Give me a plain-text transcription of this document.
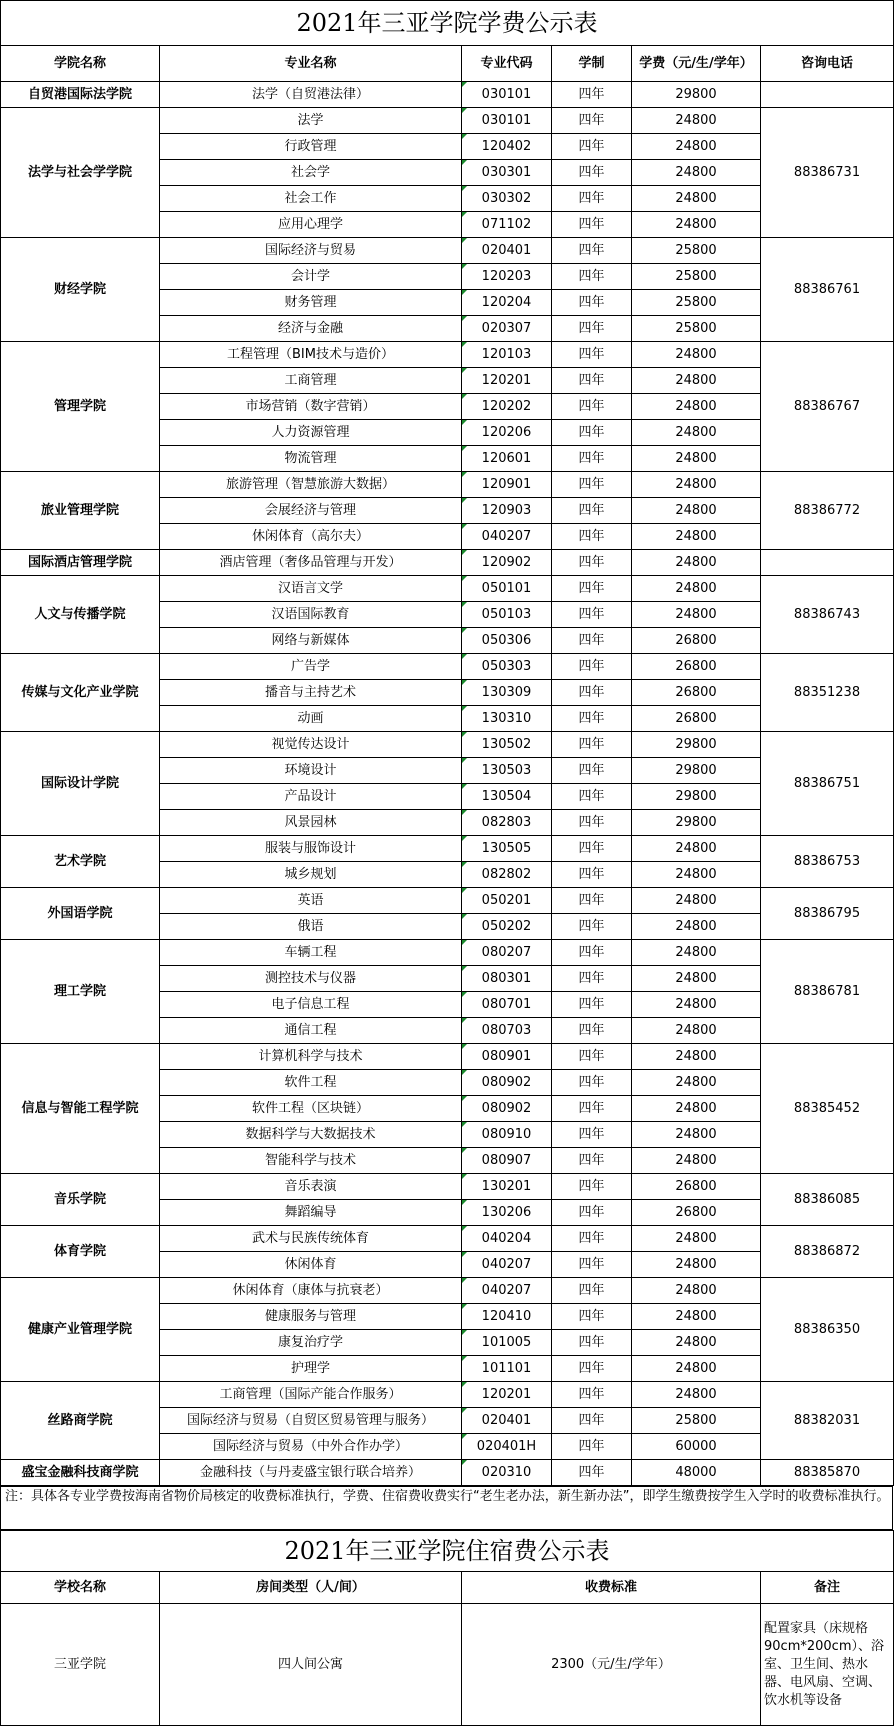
2021年三亚学院学费公示表					
学院名称	专业名称	专业代码	学制	学费（元/生/学年）	咨询电话
自贸港国际法学院	法学（自贸港法律）	030101	四年	29800	
法学与社会学学院	法学	030101	四年	24800	88386731
	行政管理	120402	四年	24800	
	社会学	030301	四年	24800	
	社会工作	030302	四年	24800	
	应用心理学	071102	四年	24800	
财经学院	国际经济与贸易	020401	四年	25800	88386761
	会计学	120203	四年	25800	
	财务管理	120204	四年	25800	
	经济与金融	020307	四年	25800	
管理学院	工程管理（BIM技术与造价）	120103	四年	24800	88386767
	工商管理	120201	四年	24800	
	市场营销（数字营销）	120202	四年	24800	
	人力资源管理	120206	四年	24800	
	物流管理	120601	四年	24800	
旅业管理学院	旅游管理（智慧旅游大数据）	120901	四年	24800	88386772
	会展经济与管理	120903	四年	24800	
	休闲体育（高尔夫）	040207	四年	24800	
国际酒店管理学院	酒店管理（奢侈品管理与开发）	120902	四年	24800	
人文与传播学院	汉语言文学	050101	四年	24800	88386743
	汉语国际教育	050103	四年	24800	
	网络与新媒体	050306	四年	26800	
传媒与文化产业学院	广告学	050303	四年	26800	88351238
	播音与主持艺术	130309	四年	26800	
	动画	130310	四年	26800	
国际设计学院	视觉传达设计	130502	四年	29800	88386751
	环境设计	130503	四年	29800	
	产品设计	130504	四年	29800	
	风景园林	082803	四年	29800	
艺术学院	服装与服饰设计	130505	四年	24800	88386753
	城乡规划	082802	四年	24800	
外国语学院	英语	050201	四年	24800	88386795
	俄语	050202	四年	24800	
理工学院	车辆工程	080207	四年	24800	88386781
	测控技术与仪器	080301	四年	24800	
	电子信息工程	080701	四年	24800	
	通信工程	080703	四年	24800	
信息与智能工程学院	计算机科学与技术	080901	四年	24800	88385452
	软件工程	080902	四年	24800	
	软件工程（区块链）	080902	四年	24800	
	数据科学与大数据技术	080910	四年	24800	
	智能科学与技术	080907	四年	24800	
音乐学院	音乐表演	130201	四年	26800	88386085
	舞蹈编导	130206	四年	26800	
体育学院	武术与民族传统体育	040204	四年	24800	88386872
	休闲体育	040207	四年	24800	
健康产业管理学院	休闲体育（康体与抗衰老）	040207	四年	24800	88386350
	健康服务与管理	120410	四年	24800	
	康复治疗学	101005	四年	24800	
	护理学	101101	四年	24800	
丝路商学院	工商管理（国际产能合作服务）	120201	四年	24800	88382031
	国际经济与贸易（自贸区贸易管理与服务）	020401	四年	25800	
	国际经济与贸易（中外合作办学）	020401H	四年	60000	
盛宝金融科技商学院	金融科技（与丹麦盛宝银行联合培养）	020310	四年	48000	88385870
注：具体各专业学费按海南省物价局核定的收费标准执行，学费、住宿费收费实行“老生老办法，新生新办法”，即学生缴费按学生入学时的收费标准执行。
2021年三亚学院住宿费公示表			
学校名称	房间类型（人/间）	收费标准	备注
三亚学院	四人间公寓	2300（元/生/学年）	配置家具（床规格90cm*200cm）、浴室、卫生间、热水器、电风扇、空调、饮水机等设备
